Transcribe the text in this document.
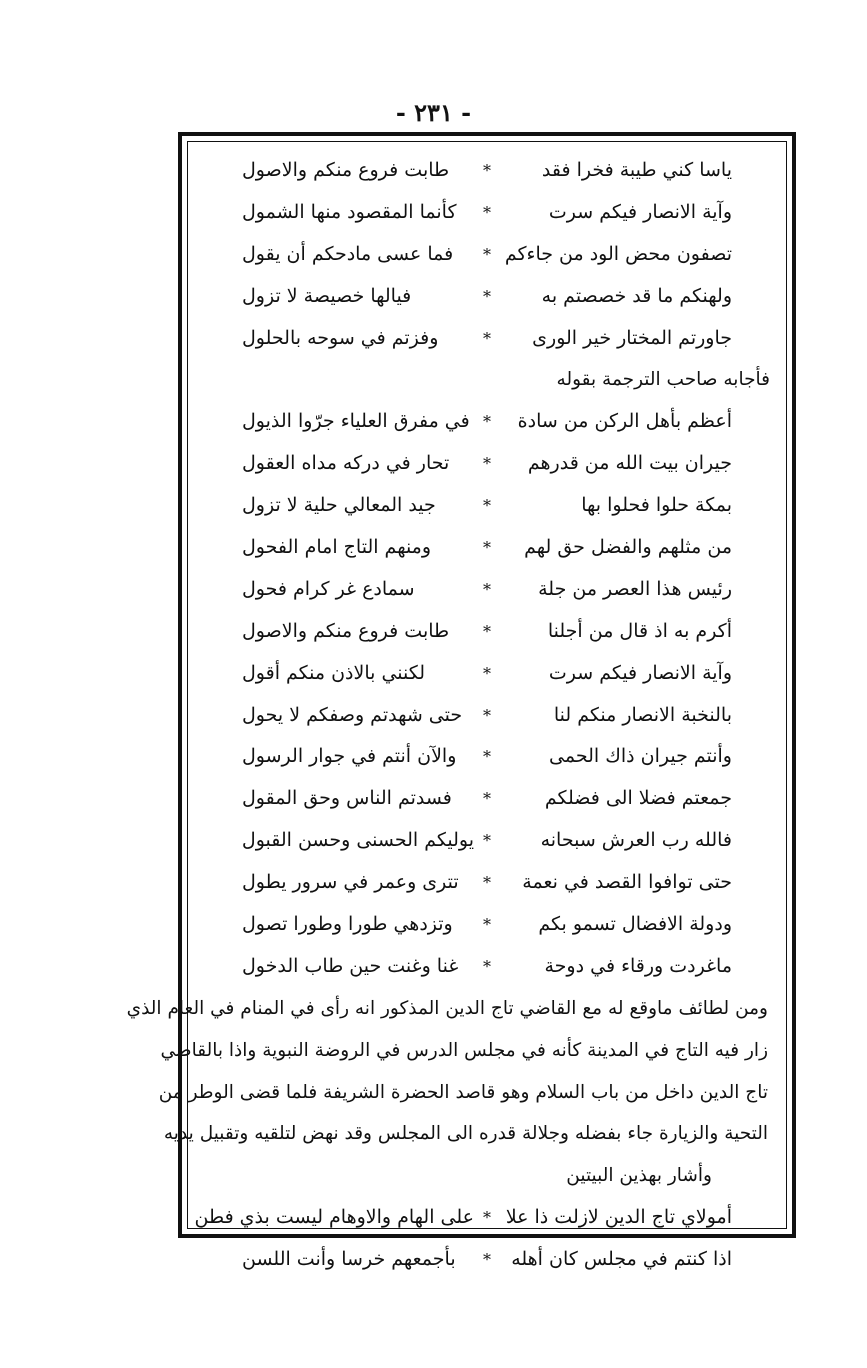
- ٢٣١ -
ياسا كني طيبة فخرا فقد
*
طابت فروع منكم والاصول
وآية الانصار فيكم سرت
*
كأنما المقصود منها الشمول
تصفون محض الود من جاءكم
*
فما عسى مادحكم أن يقول
ولهنكم ما قد خصصتم به
*
فيالها خصيصة لا تزول
جاورتم المختار خير الورى
*
وفزتم في سوحه بالحلول
فأجابه صاحب الترجمة بقوله
أعظم بأهل الركن من سادة
*
في مفرق العلياء جرّوا الذيول
جيران بيت الله من قدرهم
*
تحار في دركه مداه العقول
بمكة حلوا فحلوا بها
*
جيد المعالي حلية لا تزول
من مثلهم والفضل حق لهم
*
ومنهم التاج امام الفحول
رئيس هذا العصر من جلة
*
سمادع غر كرام فحول
أكرم به اذ قال من أجلنا
*
طابت فروع منكم والاصول
وآية الانصار فيكم سرت
*
لكنني بالاذن منكم أقول
بالنخبة الانصار منكم لنا
*
حتى شهدتم وصفكم لا يحول
وأنتم جيران ذاك الحمى
*
والآن أنتم في جوار الرسول
جمعتم فضلا الى فضلكم
*
فسدتم الناس وحق المقول
فالله رب العرش سبحانه
*
يوليكم الحسنى وحسن القبول
حتى توافوا القصد في نعمة
*
تترى وعمر في سرور يطول
ودولة الافضال تسمو بكم
*
وتزدهي طورا وطورا تصول
ماغردت ورقاء في دوحة
*
غنا وغنت حين طاب الدخول
ومن لطائف ماوقع له مع القاضي تاج الدين المذكور انه رأى في المنام في العام الذي
زار فيه التاج في المدينة كأنه في مجلس الدرس في الروضة النبوية واذا بالقاضي
تاج الدين داخل من باب السلام وهو قاصد الحضرة الشريفة فلما قضى الوطر من
التحية والزيارة جاء بفضله وجلالة قدره الى المجلس وقد نهض لتلقيه وتقبيل يديه
وأشار بهذين البيتين
أمولاي تاج الدين لازلت ذا علا
*
على الهام والاوهام ليست بذي فطن
اذا كنتم في مجلس كان أهله
*
بأجمعهم خرسا وأنت اللسن
